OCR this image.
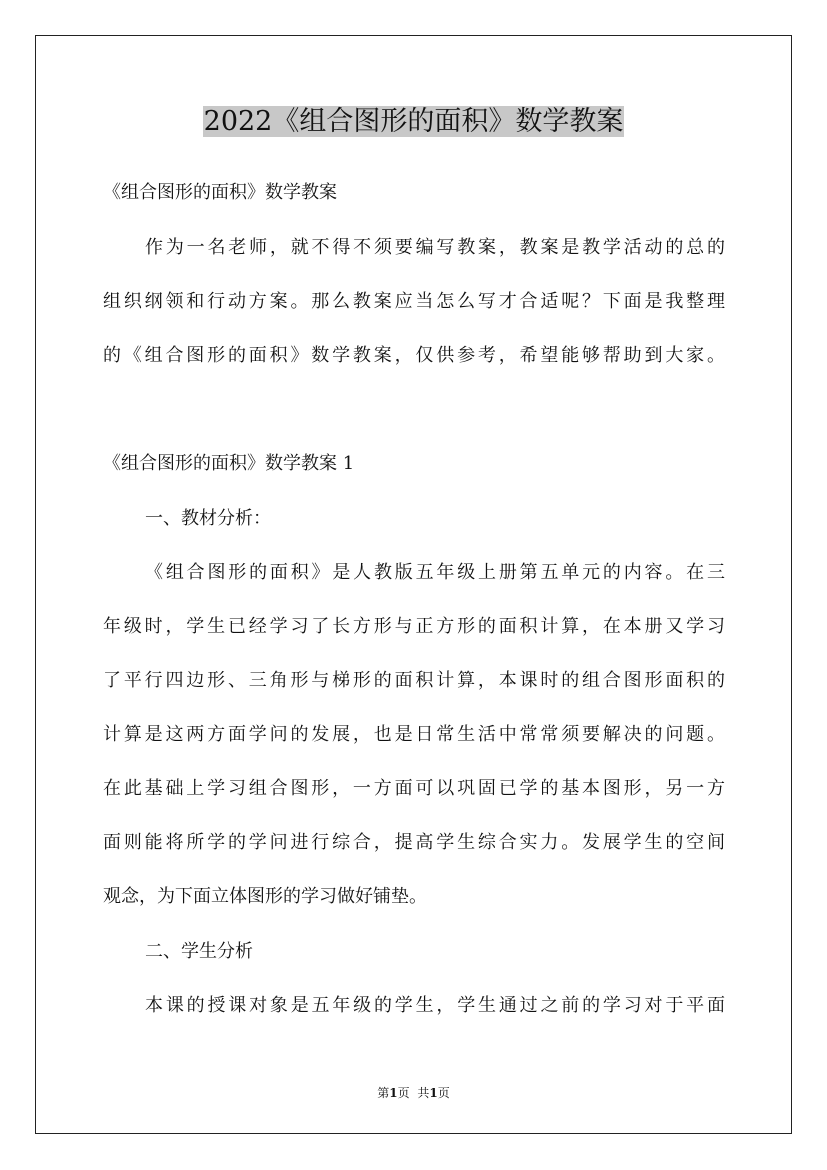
2022《组合图形的面积》数学教案
《组合图形的面积》数学教案
作为一名老师，就不得不须要编写教案，教案是教学活动的总的
组织纲领和行动方案。那么教案应当怎么写才合适呢？下面是我整理
的《组合图形的面积》数学教案，仅供参考，希望能够帮助到大家。
《组合图形的面积》数学教案 1
一、教材分析：
《组合图形的面积》是人教版五年级上册第五单元的内容。在三
年级时，学生已经学习了长方形与正方形的面积计算，在本册又学习
了平行四边形、三角形与梯形的面积计算，本课时的组合图形面积的
计算是这两方面学问的发展，也是日常生活中常常须要解决的问题。
在此基础上学习组合图形，一方面可以巩固已学的基本图形，另一方
面则能将所学的学问进行综合，提高学生综合实力。发展学生的空间
观念，为下面立体图形的学习做好铺垫。
二、学生分析
本课的授课对象是五年级的学生，学生通过之前的学习对于平面
第1页 共1页
